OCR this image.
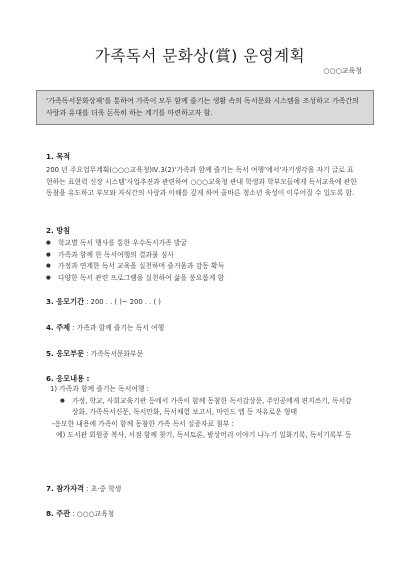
가족독서 문화상(賞) 운영계획
○○○교육청
‘가족독서문화상제’를 통하여 가족이 모두 함께 즐기는 생활 속의 독서문화 시스템을 조성하고 가족간의 사랑과 유대를 더욱 돈독히 하는 계기를 마련하고자 함.
1. 목적

200 년 주요업무계획(○○○교육청)Ⅳ.3(2)‘가족과 함께 즐기는 독서 여행’에서‘자기생각을 자기 글로 표현하는 표현력 신장 시스템’사업추진과 관련하여 ○○○교육청 관내 학생과 학부모들에게 독서교육에 관한 동참을 유도하고 부모와 자식간의 사랑과 이해를 깊게 하여 올바른 청소년 육성이 이루어질 수 있도록 함.

2. 방침
● 학교별 독서 행사를 통한 우수독서가족 발굴
● 가족과 함께 한 독서여행의 결과물 심사
● 가정과 연계한 독서 교육을 실천하며 즐거움과 감동 확득
● 다양한 독서 관련 프로그램을 실천하여 삶을 풍요롭게 함
3. 응모기간 : 200 . . ( )~ 200 . . ( )
4. 주제 : 가족과 함께 즐기는 독서 여행
5. 응모부문 : 가족독서문화부문
6. 응모내용 :
1) 가족과 함께 즐기는 독서여행 :
● 가정, 학교, 사회교육기관 등에서 가족이 함께 동참한 독서감상문, 주인공에게 편지쓰기, 독서감상화, 가족독서신문, 독서만화, 독서체험 보고서, 마인드 맵 등 자유로운 형태
-응모한 내용에 가족이 함께 동참한 가족 독서 실증자료 첨부 :
예) 도서관 회원증 복사, 서점 함께 찾기, 독서토론, 밤상머리 이야기 나누기 일화기록, 독서기록부 등
7. 참가자격 : 초·중 학생
8. 주관 : ○○○교육청
